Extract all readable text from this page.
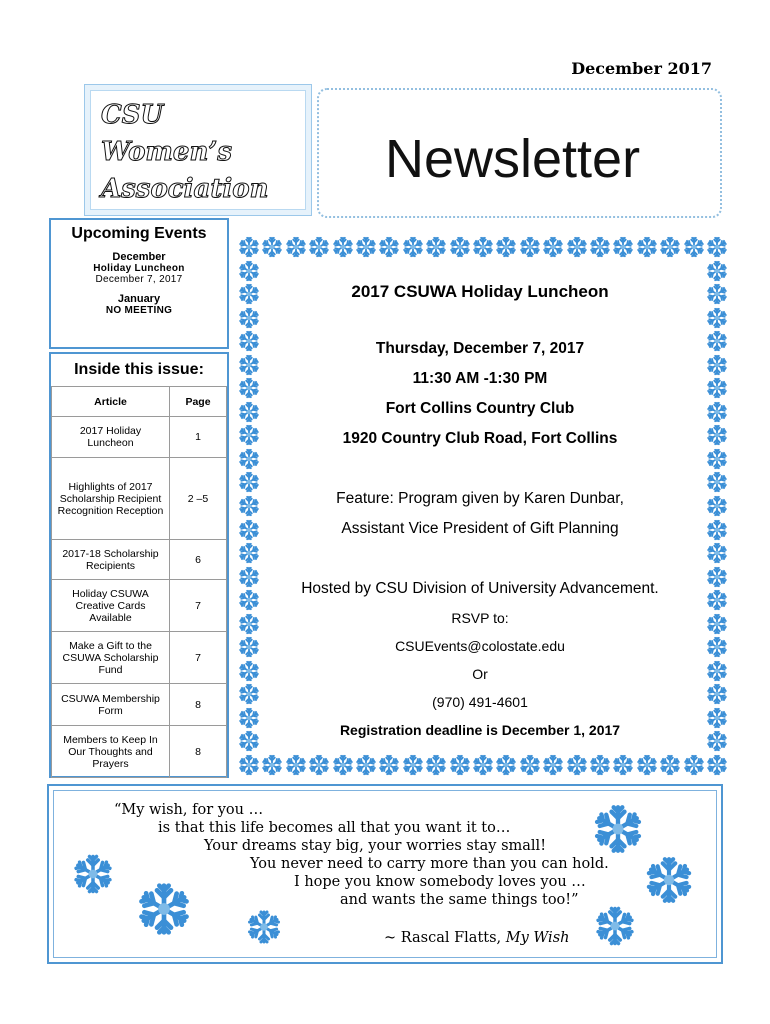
December 2017
CSU
Women’s
Association	Newsletter
Upcoming Events
December
Holiday Luncheon
December 7, 2017
January
NO MEETING
Inside this issue:
Article	Page
2017 Holiday Luncheon	1
Highlights of 2017 Scholarship Recipient Recognition Reception	2 –5
2017-18 Scholarship Recipients	6
Holiday CSUWA Creative Cards Available	7
Make a Gift to the CSUWA Scholarship Fund	7
CSUWA Membership Form	8
Members to Keep In Our Thoughts and Prayers	8
2017 CSUWA Holiday Luncheon
Thursday, December 7, 2017
11:30 AM -1:30 PM
Fort Collins Country Club
1920 Country Club Road, Fort Collins
Feature: Program given by Karen Dunbar,
Assistant Vice President of Gift Planning
Hosted by CSU Division of University Advancement.
RSVP to:
CSUEvents@colostate.edu
Or
(970) 491-4601
Registration deadline is December 1, 2017
“My wish, for you …
is that this life becomes all that you want it to…
Your dreams stay big, your worries stay small!
You never need to carry more than you can hold.
I hope you know somebody loves you …
and wants the same things too!”
~ Rascal Flatts, My Wish
